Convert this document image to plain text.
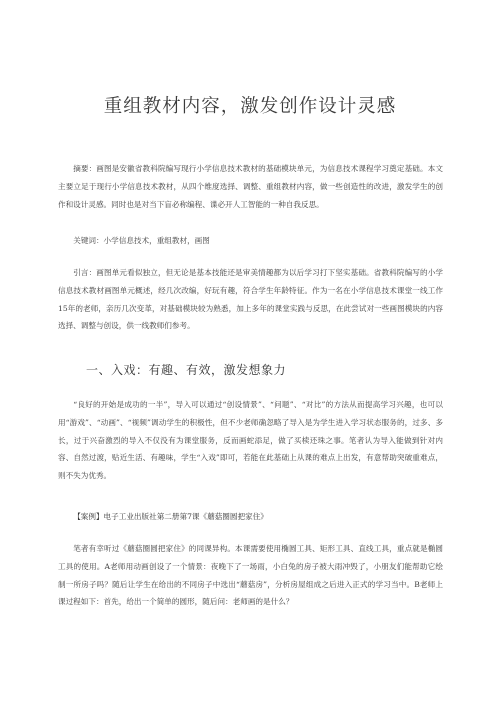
重组教材内容，激发创作设计灵感

摘要：画图是安徽省教科院编写现行小学信息技术教材的基础模块单元，为信息技术课程学习奠定基础。本文主要立足于现行小学信息技术教材，从四个维度选择、调整、重组教材内容，做一些创造性的改进，激发学生的创作和设计灵感。同时也是对当下盲必称编程、谍必开人工智能的一种自我反思。

关键词：小学信息技术，重组教材，画图

引言：画图单元看似独立，但无论是基本技能还是审美情趣都为以后学习打下坚实基础。省教科院编写的小学信息技术教材画图单元概述，经几次改编，好玩有趣，符合学生年龄特征。作为一名在小学信息技术课堂一线工作15年的老师，亲历几次变革，对基础模块较为熟悉，加上多年的课堂实践与反思，在此尝试对一些画图模块的内容选择、调整与创设，供一线教师们参考。

一、入戏：有趣、有效，激发想象力

“良好的开始是成功的一半”，导入可以通过“创设情景”、“问题”、“对比”的方法从而提高学习兴趣，也可以用“游戏”、“动画”、“视频”调动学生的积极性，但不少老师确忽略了导入是为学生进入学习状态服务的，过多、多长，过于兴奋激烈的导入不仅没有为课堂服务，反而画蛇添足，做了买椟还珠之事。笔者认为导入能做到针对内容、自然过渡，贴近生活、有趣味，学生“入戏”即可，若能在此基础上从课的难点上出发，有意帮助突破重难点，则不失为优秀。

【案例】电子工业出版社第二册第7课《蘑菇圈圆把家住》

笔者有幸听过《蘑菇圈圆把家住》的同课异构。本课需要使用椭圆工具、矩形工具、直线工具，重点就是椭圆工具的使用。A老师用动画创设了一个情景：夜晚下了一场雨，小白兔的房子被大雨冲毁了，小朋友们能帮助它绘制一所房子吗？随后让学生在给出的不同房子中选出“蘑菇房”，分析房屋组成之后进入正式的学习当中。B老师上课过程如下：首先，给出一个简单的圆形，随后问：老师画的是什么？
